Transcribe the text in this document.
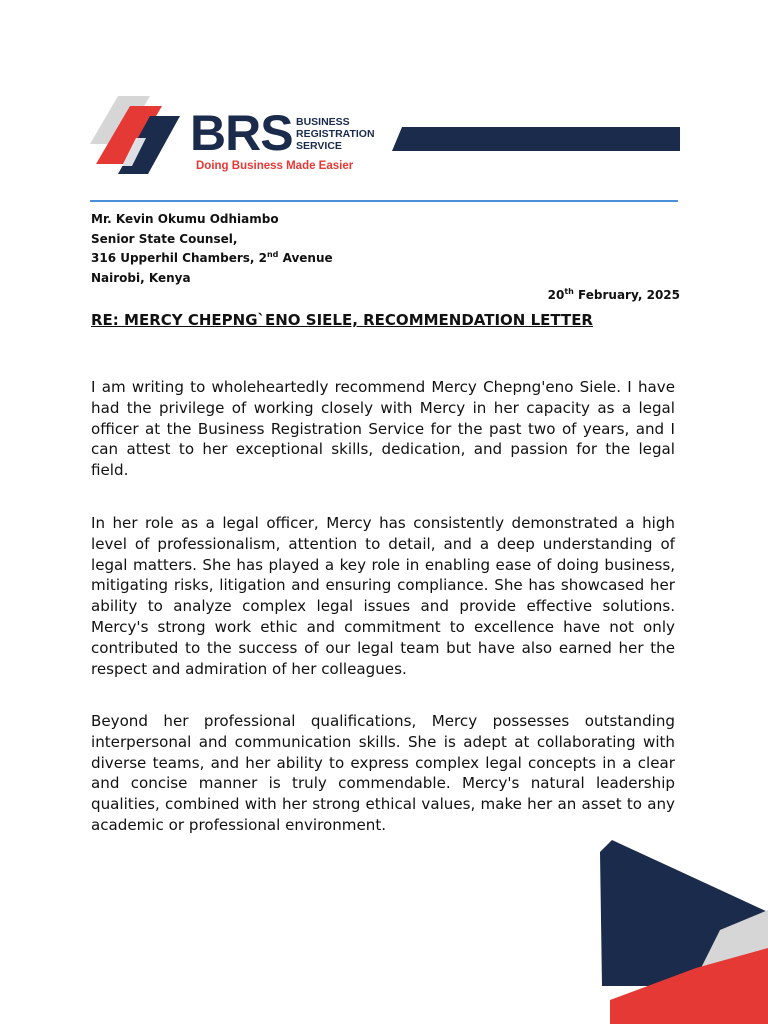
BRS BUSINESS
REGISTRATION
SERVICE
Doing Business Made Easier
Mr. Kevin Okumu Odhiambo
Senior State Counsel,
316 Upperhil Chambers, 2nd Avenue
Nairobi, Kenya
20th February, 2025
RE: MERCY CHEPNG`ENO SIELE, RECOMMENDATION LETTER

I am writing to wholeheartedly recommend Mercy Chepng'eno Siele. I have had the privilege of working closely with Mercy in her capacity as a legal officer at the Business Registration Service for the past two of years, and I can attest to her exceptional skills, dedication, and passion for the legal field.

In her role as a legal officer, Mercy has consistently demonstrated a high level of professionalism, attention to detail, and a deep understanding of legal matters. She has played a key role in enabling ease of doing business, mitigating risks, litigation and ensuring compliance. She has showcased her ability to analyze complex legal issues and provide effective solutions. Mercy's strong work ethic and commitment to excellence have not only contributed to the success of our legal team but have also earned her the respect and admiration of her colleagues.

Beyond her professional qualifications, Mercy possesses outstanding interpersonal and communication skills. She is adept at collaborating with diverse teams, and her ability to express complex legal concepts in a clear and concise manner is truly commendable. Mercy's natural leadership qualities, combined with her strong ethical values, make her an asset to any academic or professional environment.
